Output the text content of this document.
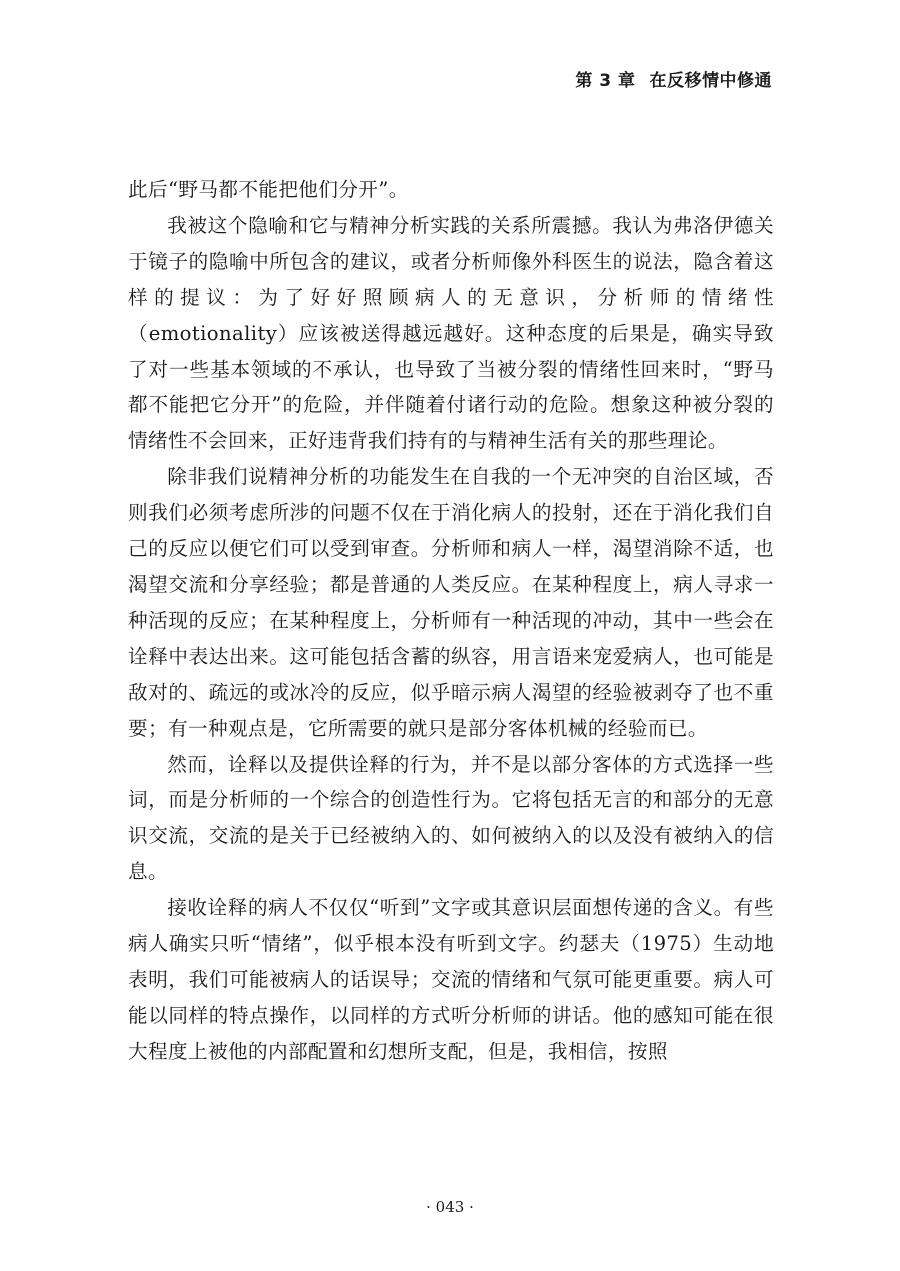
第 3 章 在反移情中修通

此后“野马都不能把他们分开”。

我被这个隐喻和它与精神分析实践的关系所震撼。我认为弗洛伊德关于镜子的隐喻中所包含的建议，或者分析师像外科医生的说法，隐含着这样的提议：为了好好照顾病人的无意识，分析师的情绪性（emotionality）应该被送得越远越好。这种态度的后果是，确实导致了对一些基本领域的不承认，也导致了当被分裂的情绪性回来时，“野马都不能把它分开”的危险，并伴随着付诸行动的危险。想象这种被分裂的情绪性不会回来，正好违背我们持有的与精神生活有关的那些理论。

除非我们说精神分析的功能发生在自我的一个无冲突的自治区域，否则我们必须考虑所涉的问题不仅在于消化病人的投射，还在于消化我们自己的反应以便它们可以受到审查。分析师和病人一样，渴望消除不适，也渴望交流和分享经验；都是普通的人类反应。在某种程度上，病人寻求一种活现的反应；在某种程度上，分析师有一种活现的冲动，其中一些会在诠释中表达出来。这可能包括含蓄的纵容，用言语来宠爱病人，也可能是敌对的、疏远的或冰冷的反应，似乎暗示病人渴望的经验被剥夺了也不重要；有一种观点是，它所需要的就只是部分客体机械的经验而已。

然而，诠释以及提供诠释的行为，并不是以部分客体的方式选择一些词，而是分析师的一个综合的创造性行为。它将包括无言的和部分的无意识交流，交流的是关于已经被纳入的、如何被纳入的以及没有被纳入的信息。

接收诠释的病人不仅仅“听到”文字或其意识层面想传递的含义。有些病人确实只听“情绪”，似乎根本没有听到文字。约瑟夫（1975）生动地表明，我们可能被病人的话误导；交流的情绪和气氛可能更重要。病人可能以同样的特点操作，以同样的方式听分析师的讲话。他的感知可能在很大程度上被他的内部配置和幻想所支配，但是，我相信，按照

· 043 ·
